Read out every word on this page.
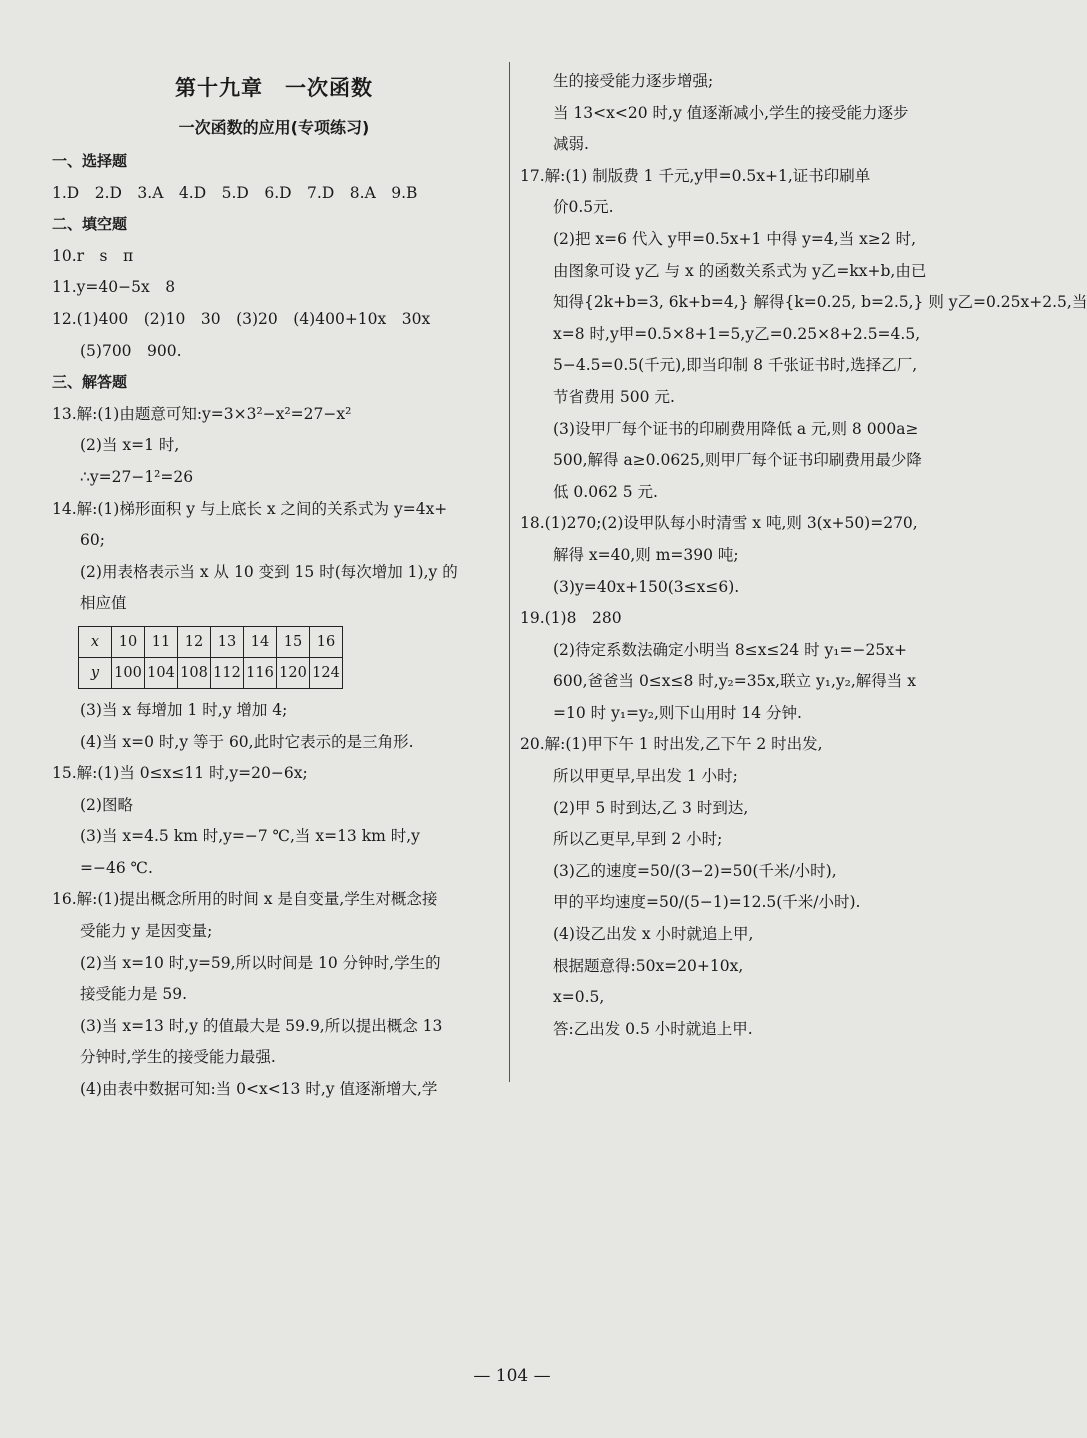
第十九章　一次函数
一次函数的应用(专项练习)
一、选择题
1.D　2.D　3.A　4.D　5.D　6.D　7.D　8.A　9.B
二、填空题
10.r　s　π
11.y=40−5x　8
12.(1)400　(2)10　30　(3)20　(4)400+10x　30x
(5)700　900.
三、解答题
13.解:(1)由题意可知:y=3×3²−x²=27−x²
(2)当 x=1 时,
∴y=27−1²=26
14.解:(1)梯形面积 y 与上底长 x 之间的关系式为 y=4x+
60;
(2)用表格表示当 x 从 10 变到 15 时(每次增加 1),y 的
相应值
x	10	11	12	13	14	15	16
y	100	104	108	112	116	120	124
(3)当 x 每增加 1 时,y 增加 4;
(4)当 x=0 时,y 等于 60,此时它表示的是三角形.
15.解:(1)当 0≤x≤11 时,y=20−6x;
(2)图略
(3)当 x=4.5 km 时,y=−7 ℃,当 x=13 km 时,y
=−46 ℃.
16.解:(1)提出概念所用的时间 x 是自变量,学生对概念接
受能力 y 是因变量;
(2)当 x=10 时,y=59,所以时间是 10 分钟时,学生的
接受能力是 59.
(3)当 x=13 时,y 的值最大是 59.9,所以提出概念 13
分钟时,学生的接受能力最强.
(4)由表中数据可知:当 0<x<13 时,y 值逐渐增大,学
生的接受能力逐步增强;
当 13<x<20 时,y 值逐渐减小,学生的接受能力逐步
减弱.
17.解:(1) 制版费 1 千元,y甲=0.5x+1,证书印刷单
价0.5元.
(2)把 x=6 代入 y甲=0.5x+1 中得 y=4,当 x≥2 时,
由图象可设 y乙 与 x 的函数关系式为 y乙=kx+b,由已
知得{2k+b=3, 6k+b=4,} 解得{k=0.25, b=2.5,} 则 y乙=0.25x+2.5,当
x=8 时,y甲=0.5×8+1=5,y乙=0.25×8+2.5=4.5,
5−4.5=0.5(千元),即当印制 8 千张证书时,选择乙厂,
节省费用 500 元.
(3)设甲厂每个证书的印刷费用降低 a 元,则 8 000a≥
500,解得 a≥0.0625,则甲厂每个证书印刷费用最少降
低 0.062 5 元.
18.(1)270;(2)设甲队每小时清雪 x 吨,则 3(x+50)=270,
解得 x=40,则 m=390 吨;
(3)y=40x+150(3≤x≤6).
19.(1)8　280
(2)待定系数法确定小明当 8≤x≤24 时 y₁=−25x+
600,爸爸当 0≤x≤8 时,y₂=35x,联立 y₁,y₂,解得当 x
=10 时 y₁=y₂,则下山用时 14 分钟.
20.解:(1)甲下午 1 时出发,乙下午 2 时出发,
所以甲更早,早出发 1 小时;
(2)甲 5 时到达,乙 3 时到达,
所以乙更早,早到 2 小时;
(3)乙的速度=50/(3−2)=50(千米/小时),
甲的平均速度=50/(5−1)=12.5(千米/小时).
(4)设乙出发 x 小时就追上甲,
根据题意得:50x=20+10x,
x=0.5,
答:乙出发 0.5 小时就追上甲.
— 104 —
